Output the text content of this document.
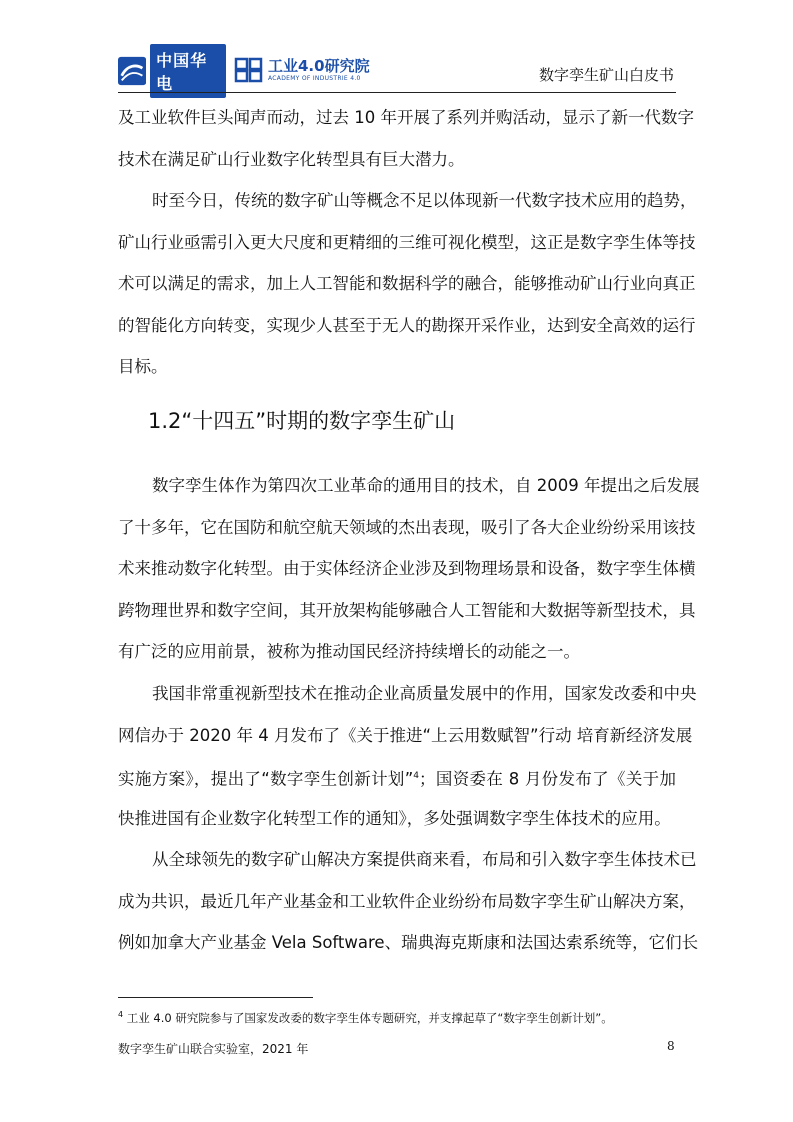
中国华电
工业4.0研究院
ACADEMY OF INDUSTRIE 4.0	数字孪生矿山白皮书
及工业软件巨头闻声而动，过去 10 年开展了系列并购活动，显示了新一代数字
技术在满足矿山行业数字化转型具有巨大潜力。
时至今日，传统的数字矿山等概念不足以体现新一代数字技术应用的趋势，
矿山行业亟需引入更大尺度和更精细的三维可视化模型，这正是数字孪生体等技
术可以满足的需求，加上人工智能和数据科学的融合，能够推动矿山行业向真正
的智能化方向转变，实现少人甚至于无人的勘探开采作业，达到安全高效的运行
目标。
1.2“十四五”时期的数字孪生矿山
数字孪生体作为第四次工业革命的通用目的技术，自 2009 年提出之后发展
了十多年，它在国防和航空航天领域的杰出表现，吸引了各大企业纷纷采用该技
术来推动数字化转型。由于实体经济企业涉及到物理场景和设备，数字孪生体横
跨物理世界和数字空间，其开放架构能够融合人工智能和大数据等新型技术，具
有广泛的应用前景，被称为推动国民经济持续增长的动能之一。
我国非常重视新型技术在推动企业高质量发展中的作用，国家发改委和中央
网信办于 2020 年 4 月发布了《关于推进“上云用数赋智”行动 培育新经济发展
实施方案》，提出了“数字孪生创新计划”$^4$；国资委在 8 月份发布了《关于加
快推进国有企业数字化转型工作的通知》，多处强调数字孪生体技术的应用。
从全球领先的数字矿山解决方案提供商来看，布局和引入数字孪生体技术已
成为共识，最近几年产业基金和工业软件企业纷纷布局数字孪生矿山解决方案，
例如加拿大产业基金 Vela Software、瑞典海克斯康和法国达索系统等，它们长
$^4$ 工业 4.0 研究院参与了国家发改委的数字孪生体专题研究，并支撑起草了“数字孪生创新计划”。
数字孪生矿山联合实验室，2021 年	8
